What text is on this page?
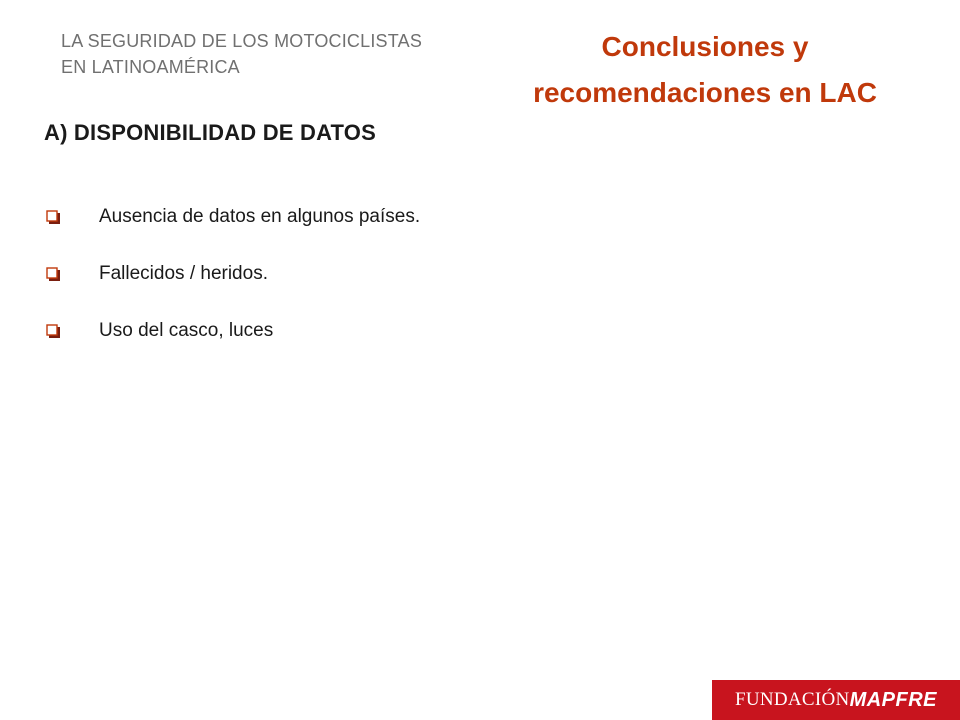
LA SEGURIDAD DE LOS MOTOCICLISTAS
EN LATINOAMÉRICA
Conclusiones y
recomendaciones en LAC
A) DISPONIBILIDAD DE DATOS
Ausencia de datos en algunos países.
Fallecidos / heridos.
Uso del casco, luces
FUNDACIÓN MAPFRE
